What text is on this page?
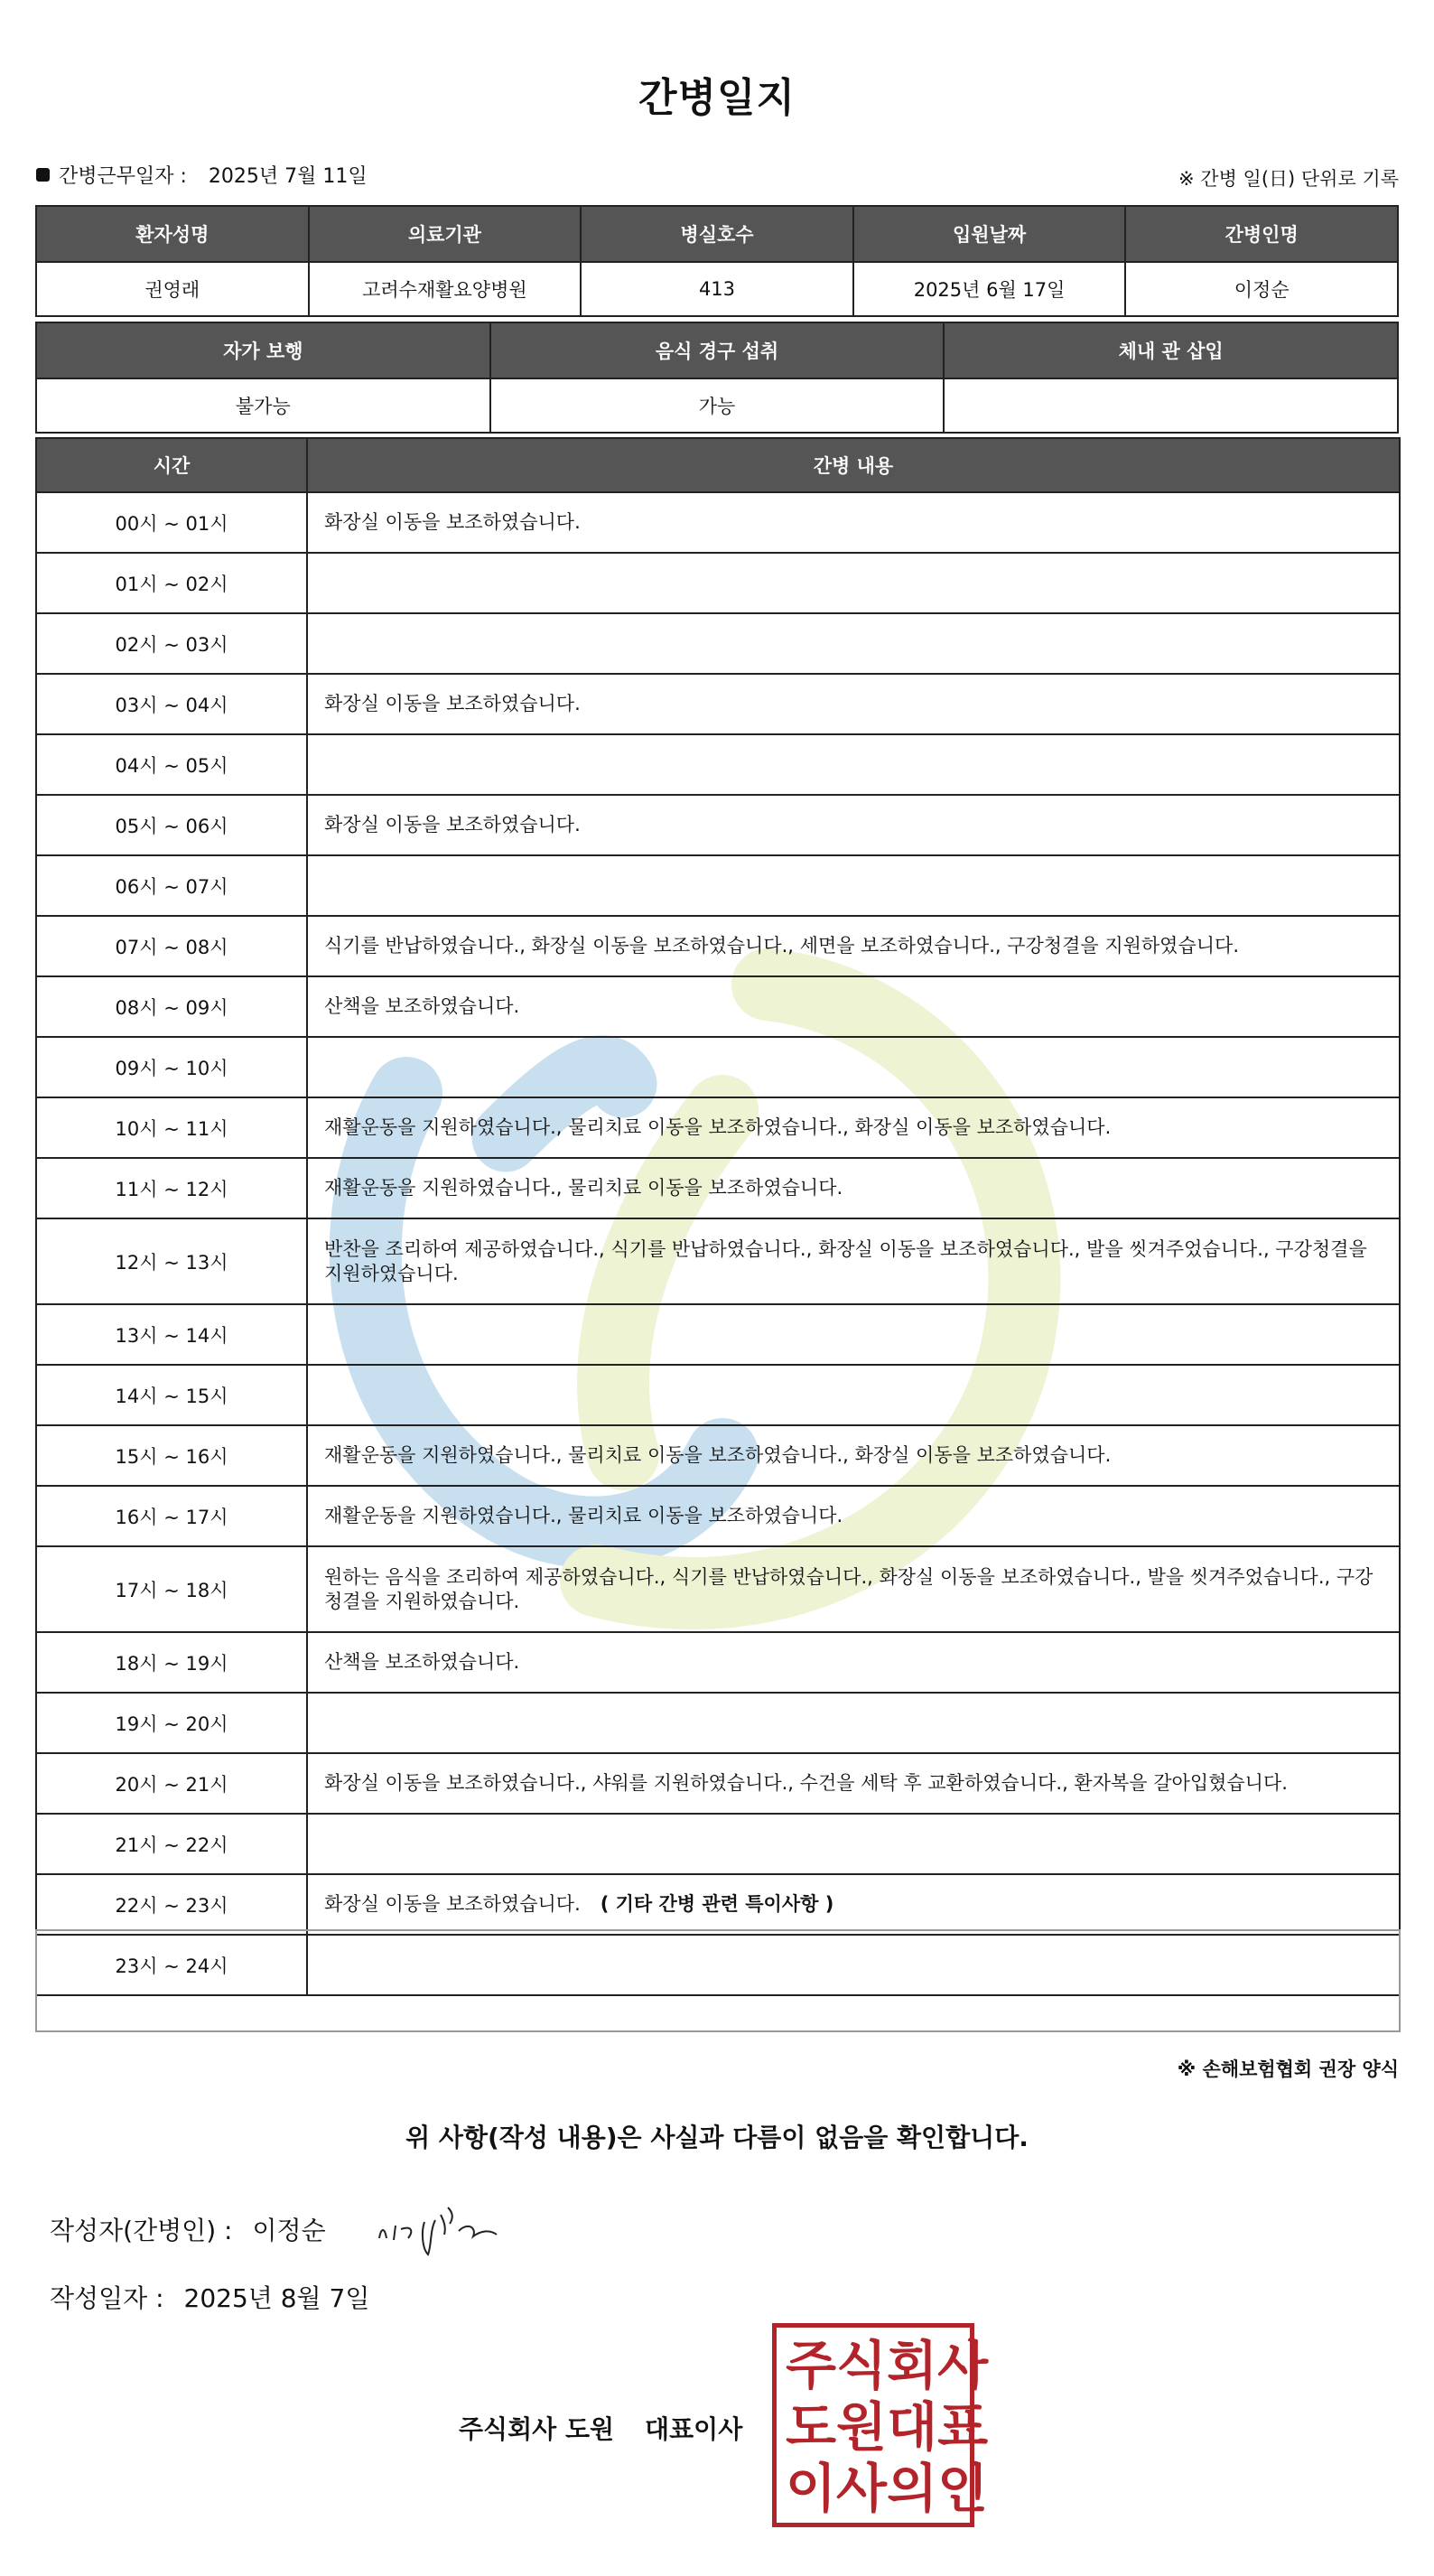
간병일지
간병근무일자 : 2025년 7월 11일	※ 간병 일(日) 단위로 기록
환자성명	의료기관	병실호수	입원날짜	간병인명
권영래	고려수재활요양병원	413	2025년 6월 17일	이정순
자가 보행	음식 경구 섭취	체내 관 삽입
불가능	가능	
시간	간병 내용
00시 ~ 01시	화장실 이동을 보조하였습니다.
01시 ~ 02시	
02시 ~ 03시	
03시 ~ 04시	화장실 이동을 보조하였습니다.
04시 ~ 05시	
05시 ~ 06시	화장실 이동을 보조하였습니다.
06시 ~ 07시	
07시 ~ 08시	식기를 반납하였습니다., 화장실 이동을 보조하였습니다., 세면을 보조하였습니다., 구강청결을 지원하였습니다.
08시 ~ 09시	산책을 보조하였습니다.
09시 ~ 10시	
10시 ~ 11시	재활운동을 지원하였습니다., 물리치료 이동을 보조하였습니다., 화장실 이동을 보조하였습니다.
11시 ~ 12시	재활운동을 지원하였습니다., 물리치료 이동을 보조하였습니다.
12시 ~ 13시	반찬을 조리하여 제공하였습니다., 식기를 반납하였습니다., 화장실 이동을 보조하였습니다., 발을 씻겨주었습니다., 구강청결을 지원하였습니다.
13시 ~ 14시	
14시 ~ 15시	
15시 ~ 16시	재활운동을 지원하였습니다., 물리치료 이동을 보조하였습니다., 화장실 이동을 보조하였습니다.
16시 ~ 17시	재활운동을 지원하였습니다., 물리치료 이동을 보조하였습니다.
17시 ~ 18시	원하는 음식을 조리하여 제공하였습니다., 식기를 반납하였습니다., 화장실 이동을 보조하였습니다., 발을 씻겨주었습니다., 구강청결을 지원하였습니다.
18시 ~ 19시	산책을 보조하였습니다.
19시 ~ 20시	
20시 ~ 21시	화장실 이동을 보조하였습니다., 샤워를 지원하였습니다., 수건을 세탁 후 교환하였습니다., 환자복을 갈아입혔습니다.
21시 ~ 22시	
22시 ~ 23시	화장실 이동을 보조하였습니다.
23시 ~ 24시	
( 기타 간병 관련 특이사항 )
※ 손해보험협회 권장 양식
위 사항(작성 내용)은 사실과 다름이 없음을 확인합니다.
작성자(간병인) : 이정순
작성일자 : 2025년 8월 7일
주식회사 도원 대표이사
주 식 회 사
도 원 대 표
이 사 의 인
